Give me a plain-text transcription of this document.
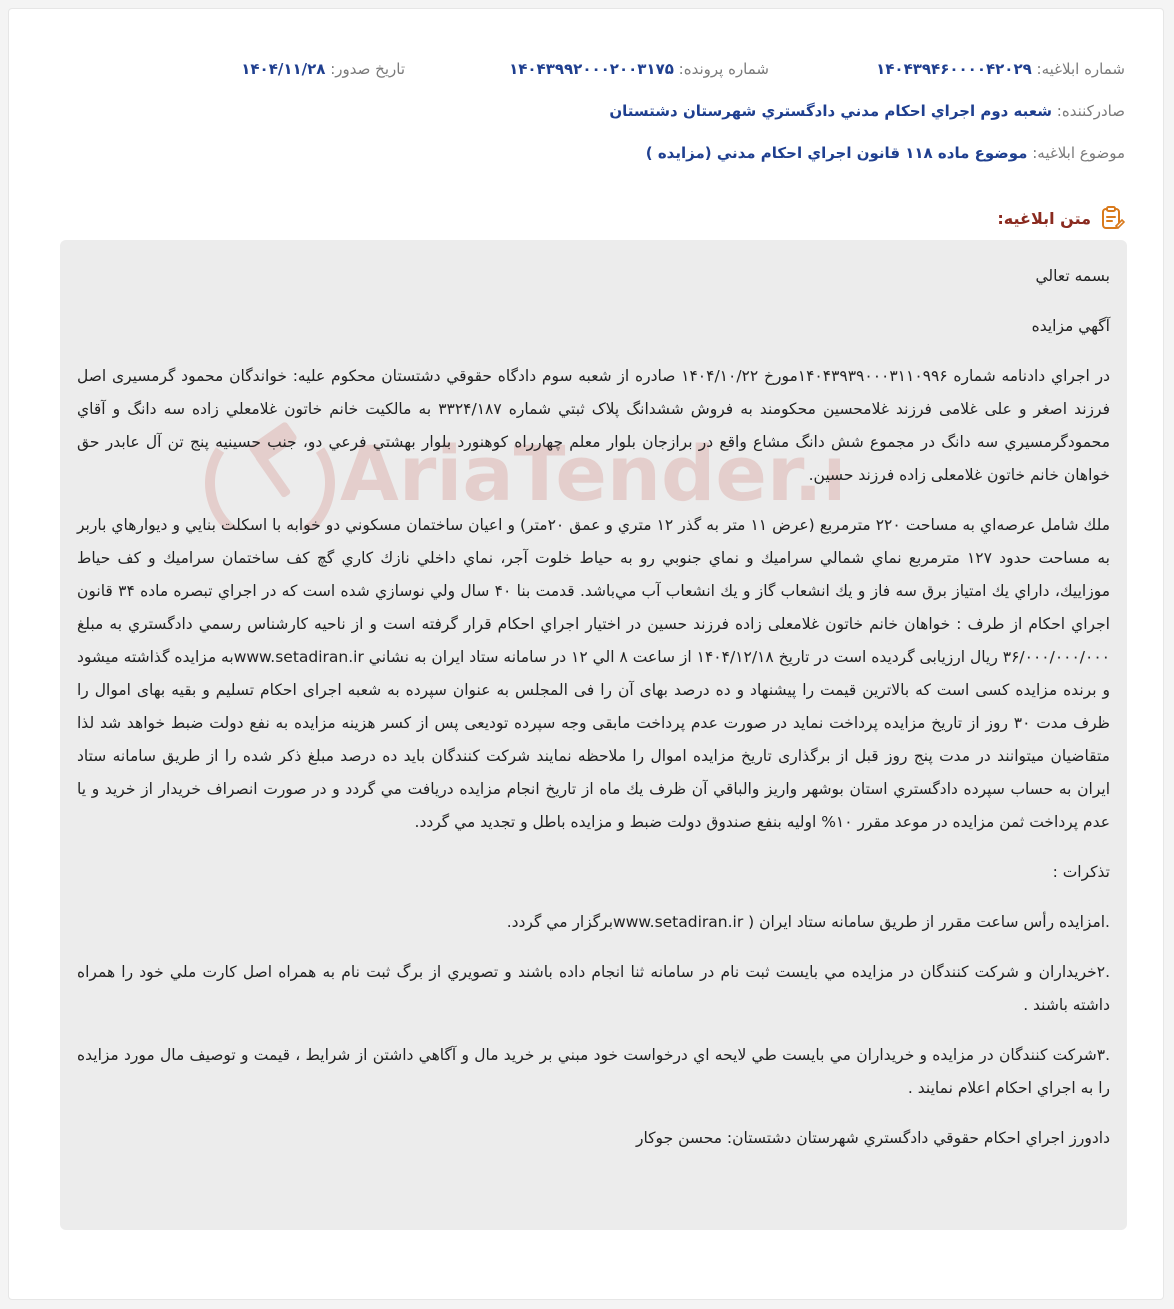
شماره ابلاغيه: ۱۴۰۴۳۹۴۶۰۰۰۰۴۲۰۲۹
شماره پرونده: ۱۴۰۴۳۹۹۲۰۰۰۲۰۰۳۱۷۵
تاريخ صدور: ۱۴۰۴/۱۱/۲۸
صادرکننده: شعبه دوم اجراي احکام مدني دادگستري شهرستان دشتستان
موضوع ابلاغيه: موضوع ماده ۱۱۸ قانون اجراي احكام مدني (مزايده )
متن ابلاغيه:
AriaTender.

بسمه تعالي

آگهي مزايده

در اجراي دادنامه شماره ۱۴۰۴۳۹۳۹۰۰۰۳۱۱۰۹۹۶مورخ ۱۴۰۴/۱۰/۲۲ صادره از شعبه سوم دادگاه حقوقي دشتستان محكوم عليه: خواندگان محمود گرمسيری اصل فرزند اصغر و علی غلامی فرزند غلامحسين محكومند به فروش ششدانگ پلاک ثبتي شماره ۳۳۲۴/۱۸۷ به مالکيت خانم خاتون غلامعلي زاده سه دانگ و آقاي محمودگرمسيري سه دانگ در مجموع شش دانگ مشاع واقع در برازجان بلوار معلم چهارراه کوهنورد بلوار بهشتي فرعي دو، جنب حسينيه پنج تن آل عابدر حق خواهان خانم خاتون غلامعلی زاده فرزند حسين.

ملك شامل عرصه‌اي به مساحت ۲۲۰ مترمربع (عرض ۱۱ متر به گذر ۱۲ متري و عمق ۲۰متر) و اعيان ساختمان مسكوني دو خوابه با اسكلت بنايي و ديوارهاي باربر به مساحت حدود ۱۲۷ مترمربع نماي شمالي سراميك و نماي جنوبي رو به حياط خلوت آجر، نماي داخلي نازك كاري گچ كف ساختمان سراميك و كف حياط موزاييك، داراي يك امتياز برق سه فاز و يك انشعاب گاز و يك انشعاب آب مي‌باشد. قدمت بنا ۴۰ سال ولي نوسازي شده است كه در اجراي تبصره ماده ۳۴ قانون اجراي احكام از طرف : خواهان خانم خاتون غلامعلی زاده فرزند حسين در اختيار اجراي احكام قرار گرفته است و از ناحيه كارشناس رسمي دادگستري به مبلغ ۳۶/۰۰۰/۰۰۰/۰۰۰ ريال ارزيابی گرديده است در تاريخ ۱۴۰۴/۱۲/۱۸ از ساعت ۸ الي ۱۲ در سامانه ستاد ايران به نشاني www.setadiran.irبه مزايده گذاشته ميشود و برنده مزايده كسی است كه بالاترين قيمت را پيشنهاد و ده درصد بهای آن را فی المجلس به عنوان سپرده به شعبه اجرای احكام تسليم و بقيه بهای اموال را ظرف مدت ۳۰ روز از تاريخ مزايده پرداخت نمايد در صورت عدم پرداخت مابقی وجه سپرده توديعی پس از كسر هزينه مزايده به نفع دولت ضبط خواهد شد لذا متقاضيان ميتوانند در مدت پنج روز قبل از برگذاری تاريخ مزايده اموال را ملاحظه نمايند شرکت کنندگان بايد ده درصد مبلغ ذكر شده را از طريق سامانه ستاد ايران به حساب سپرده دادگستري استان بوشهر واريز والباقي آن ظرف يك ماه از تاريخ انجام مزايده دريافت مي گردد و در صورت انصراف خريدار از خريد و يا عدم پرداخت ثمن مزايده در موعد مقرر ۱۰% اوليه بنفع صندوق دولت ضبط و مزايده باطل و تجديد مي گردد.

تذكرات :

.امزايده رأس ساعت مقرر از طريق سامانه ستاد ايران ( www.setadiran.irبرگزار مي گردد.

.۲خريداران و شركت كنندگان در مزايده مي بايست ثبت نام در سامانه ثنا انجام داده باشند و تصويري از برگ ثبت نام به همراه اصل كارت ملي خود را همراه داشته باشند .

.۳شركت كنندگان در مزايده و خريداران مي بايست طي لايحه اي درخواست خود مبني بر خريد مال و آگاهي داشتن از شرايط ، قيمت و توصيف مال مورد مزايده را به اجراي احكام اعلام نمايند .

دادورز اجراي احكام حقوقي دادگستري شهرستان دشتستان: محسن جوكار
